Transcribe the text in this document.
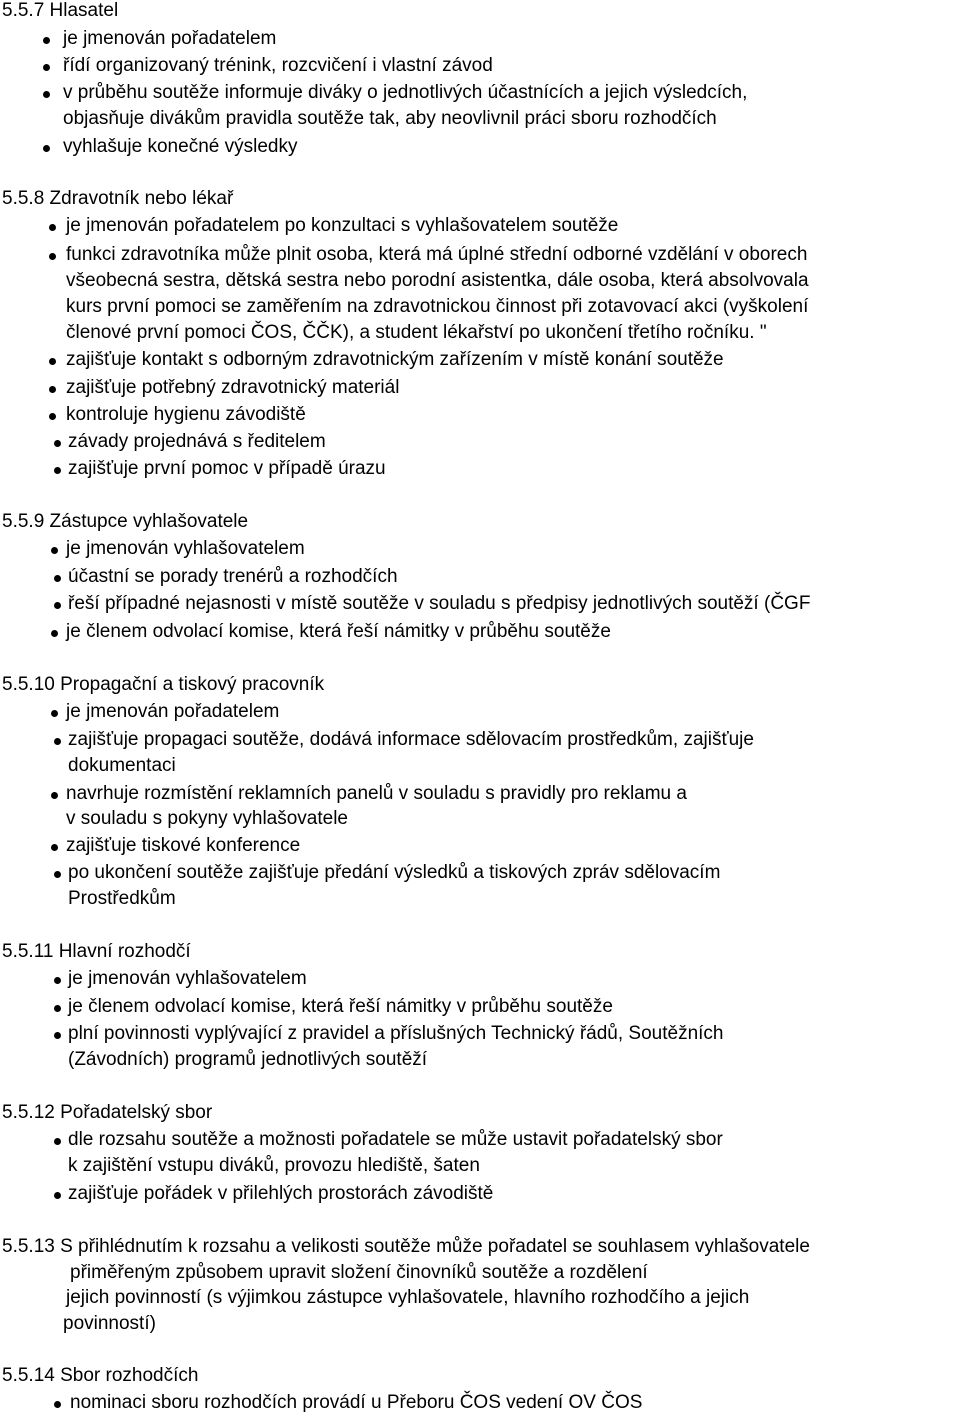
5.5.7 Hlasatel
je jmenován pořadatelem
řídí organizovaný trénink, rozcvičení i vlastní závod
v průběhu soutěže informuje diváky o jednotlivých účastnících a jejich výsledcích,
objasňuje divákům pravidla soutěže tak, aby neovlivnil práci sboru rozhodčích
vyhlašuje konečné výsledky
5.5.8 Zdravotník nebo lékař
je jmenován pořadatelem po konzultaci s vyhlašovatelem soutěže
funkci zdravotníka může plnit osoba, která má úplné střední odborné vzdělání v oborech
všeobecná sestra, dětská sestra nebo porodní asistentka, dále osoba, která absolvovala
kurs první pomoci se zaměřením na zdravotnickou činnost při zotavovací akci (vyškolení
členové první pomoci ČOS, ČČK), a student lékařství po ukončení třetího ročníku. "
zajišťuje kontakt s odborným zdravotnickým zařízením v místě konání soutěže
zajišťuje potřebný zdravotnický materiál
kontroluje hygienu závodiště
závady projednává s ředitelem
zajišťuje první pomoc v případě úrazu
5.5.9 Zástupce vyhlašovatele
je jmenován vyhlašovatelem
účastní se porady trenérů a rozhodčích
řeší případné nejasnosti v místě soutěže v souladu s předpisy jednotlivých soutěží (ČGF
je členem odvolací komise, která řeší námitky v průběhu soutěže
5.5.10 Propagační a tiskový pracovník
je jmenován pořadatelem
zajišťuje propagaci soutěže, dodává informace sdělovacím prostředkům, zajišťuje
dokumentaci
navrhuje rozmístění reklamních panelů v souladu s pravidly pro reklamu a
v souladu s pokyny vyhlašovatele
zajišťuje tiskové konference
po ukončení soutěže zajišťuje předání výsledků a tiskových zpráv sdělovacím
Prostředkům
5.5.11 Hlavní rozhodčí
je jmenován vyhlašovatelem
je členem odvolací komise, která řeší námitky v průběhu soutěže
plní povinnosti vyplývající z pravidel a příslušných Technický řádů, Soutěžních
(Závodních) programů jednotlivých soutěží
5.5.12 Pořadatelský sbor
dle rozsahu soutěže a možnosti pořadatele se může ustavit pořadatelský sbor
k zajištění vstupu diváků, provozu hlediště, šaten
zajišťuje pořádek v přilehlých prostorách závodiště
5.5.13 S přihlédnutím k rozsahu a velikosti soutěže může pořadatel se souhlasem vyhlašovatele
přiměřeným způsobem upravit složení činovníků soutěže a rozdělení
jejich povinností (s výjimkou zástupce vyhlašovatele, hlavního rozhodčího a jejich
povinností)
5.5.14 Sbor rozhodčích
nominaci sboru rozhodčích provádí u Přeboru ČOS vedení OV ČOS
